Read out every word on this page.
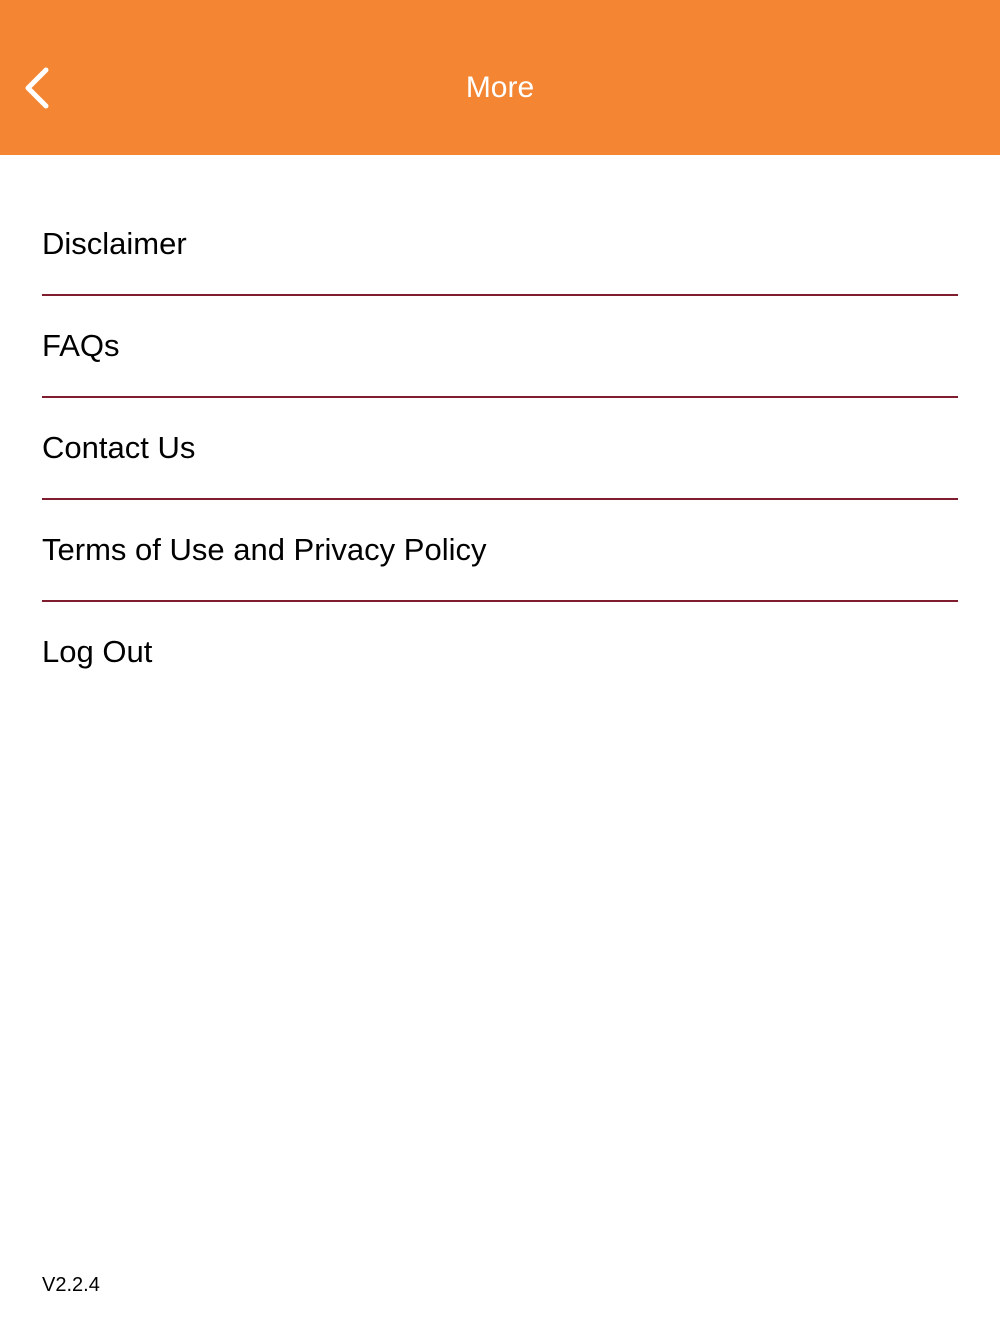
More
Disclaimer
FAQs
Contact Us
Terms of Use and Privacy Policy
Log Out
V2.2.4
